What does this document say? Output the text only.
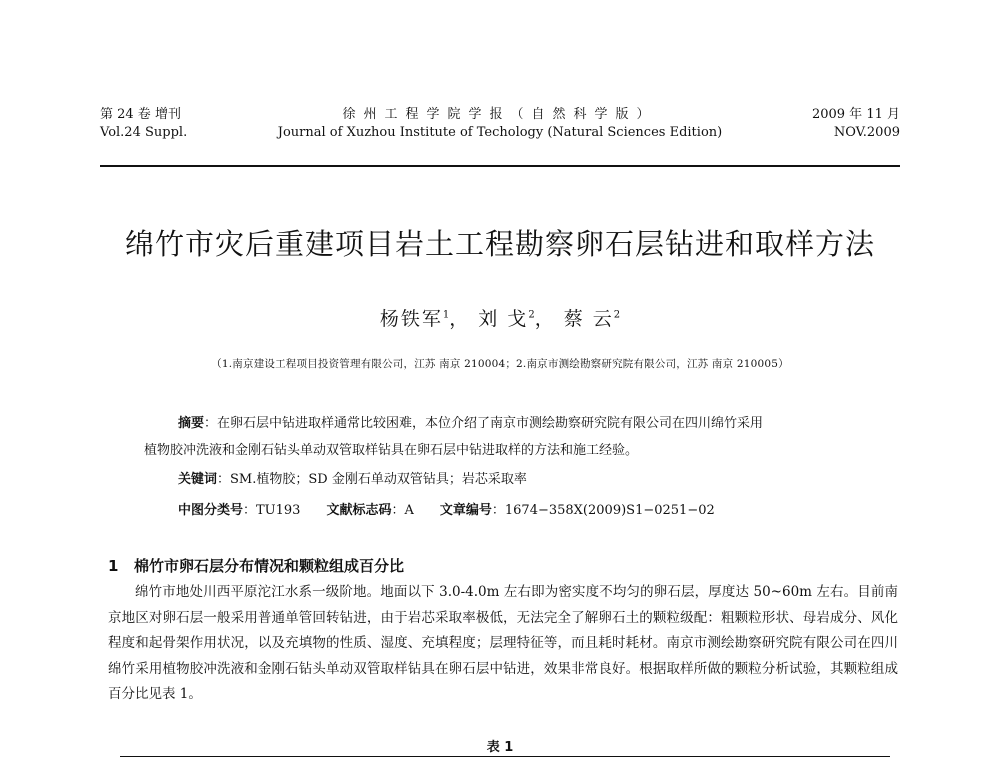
第 24 卷 增刊
Vol.24 Suppl.
徐州工程学院学报（自然科学版）
Journal of Xuzhou Institute of Techology (Natural Sciences Edition)
2009 年 11 月
NOV.2009
绵竹市灾后重建项目岩土工程勘察卵石层钻进和取样方法
杨铁军$^1$， 刘 戈$^2$， 蔡 云$^2$
（1.南京建设工程项目投资管理有限公司，江苏 南京 210004；2.南京市测绘勘察研究院有限公司，江苏 南京 210005）
摘要：在卵石层中钻进取样通常比较困难，本位介绍了南京市测绘勘察研究院有限公司在四川绵竹采用
植物胶冲洗液和金刚石钻头单动双管取样钻具在卵石层中钻进取样的方法和施工经验。
关键词：SM.植物胶；SD 金刚石单动双管钻具；岩芯采取率
中图分类号：TU193 文献标志码：A 文章编号：1674−358X(2009)S1−0251−02
1 棉竹市卵石层分布情况和颗粒组成百分比

绵竹市地处川西平原沱江水系一级阶地。地面以下 3.0-4.0m 左右即为密实度不均匀的卵石层，厚度达 50~60m 左右。目前南京地区对卵石层一般采用普通单管回转钻进，由于岩芯采取率极低，无法完全了解卵石土的颗粒级配：粗颗粒形状、母岩成分、风化程度和起骨架作用状况，以及充填物的性质、湿度、充填程度；层理特征等，而且耗时耗材。南京市测绘勘察研究院有限公司在四川绵竹采用植物胶冲洗液和金刚石钻头单动双管取样钻具在卵石层中钻进，效果非常良好。根据取样所做的颗粒分析试验，其颗粒组成百分比见表 1。

表 1
